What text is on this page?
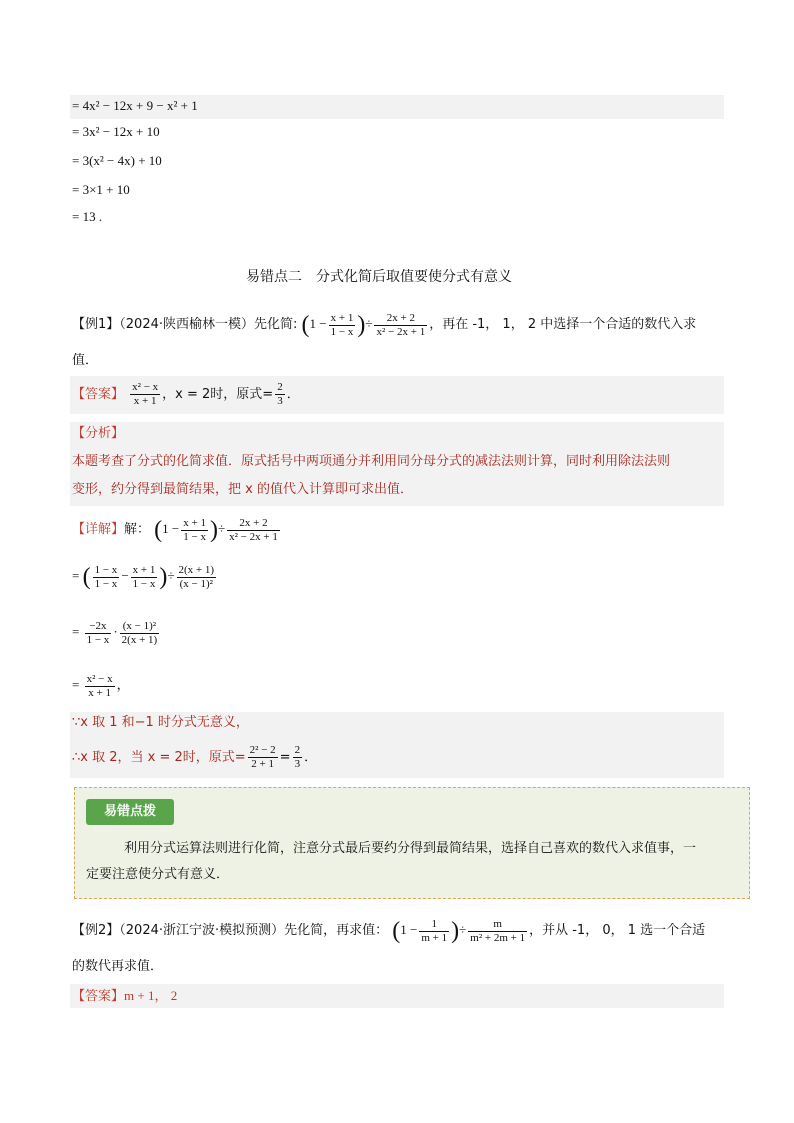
= 4x² − 12x + 9 − x² + 1
= 3x² − 12x + 10
= 3(x² − 4x) + 10
= 3×1 + 10
= 13 .
易错点二　分式化简后取值要使分式有意义
【例1】（2024·陕西榆林一模）先化简: ($1 - \frac{x + 1}{1 - x}$ )÷ $\frac{2x + 2}{\text{x² − 2x + 1}}$ ，再在 -1， 1， 2 中选择一个合适的数代入求
值．
【答案】 $\frac{\text{x² − x}}{x + 1}$ ，x = 2时，原式= $\frac{2}{3}$ ．
【分析】
本题考查了分式的化简求值．原式括号中两项通分并利用同分母分式的减法法则计算，同时利用除法法则
变形，约分得到最简结果，把 x 的值代入计算即可求出值．
【详解】解： ($1 - \frac{x + 1}{1 - x}$ )÷ $\frac{2x + 2}{\text{x² − 2x + 1}}$
= ( $\frac{1 - x}{1 - x} - \frac{x + 1}{1 - x}$ )÷ $\frac{2(x + 1)}{\text{(x − 1)²}}$
= $\frac{-2x}{1 - x} \cdot \frac{\text{(x − 1)²}}{2(x + 1)}$
= $\frac{\text{x² − x}}{x + 1}$ ，
∵x 取 1 和−1 时分式无意义，
∴x 取 2，当 x = 2时，原式= $\frac{\text{2² − 2}}{2 + 1} = \frac{2}{3}$ ．
易错点拨
利用分式运算法则进行化简，注意分式最后要约分得到最简结果，选择自己喜欢的数代入求值事，一
定要注意使分式有意义．
【例2】（2024·浙江宁波·模拟预测）先化简，再求值： ($1 - \frac{1}{m + 1}$ )÷ $\frac{m}{\text{m² + 2m + 1}}$ ，并从 -1， 0， 1 选一个合适
的数代再求值．
【答案】m + 1， 2
